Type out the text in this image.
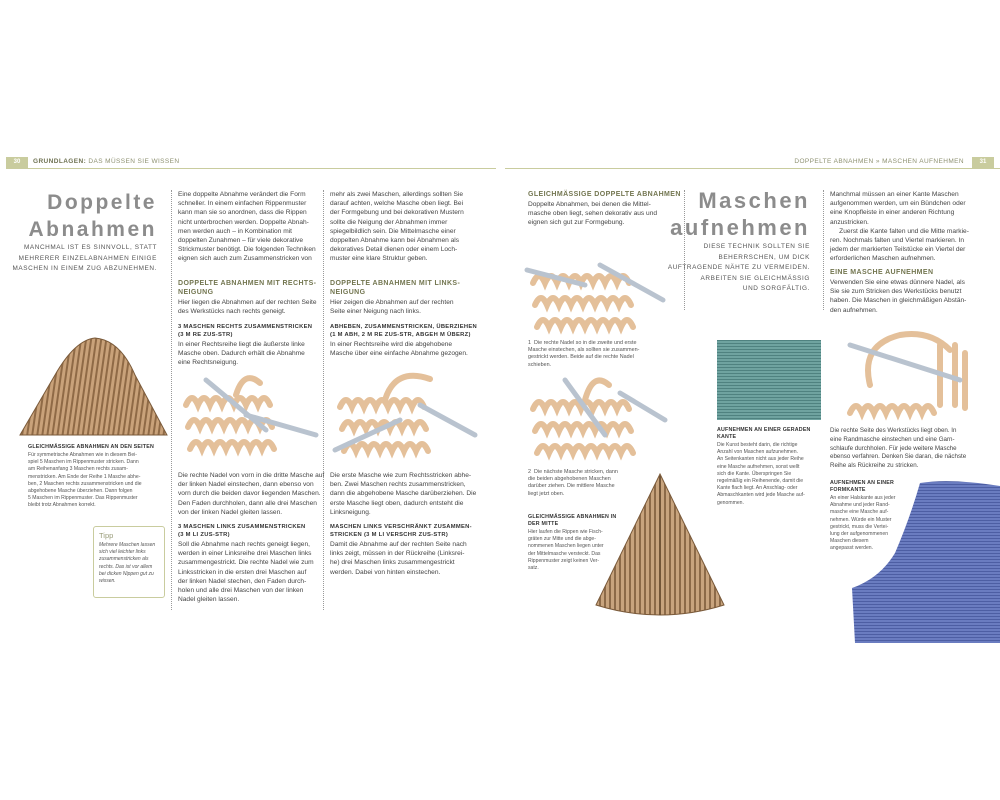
30	GRUNDLAGEN: DAS MÜSSEN SIE WISSEN	DOPPELTE ABNAHMEN » MASCHEN AUFNEHMEN	31
Doppelte
Abnahmen
MANCHMAL IST ES SINNVOLL, STATT
MEHRERER EINZELABNAHMEN EINIGE
MASCHEN IN EINEM ZUG ABZUNEHMEN.
Eine doppelte Abnahme verändert die Form
schneller. In einem einfachen Rippenmuster
kann man sie so anordnen, dass die Rippen
nicht unterbrochen werden. Doppelte Abnah-
men werden auch – in Kombination mit
doppelten Zunahmen – für viele dekorative
Strickmuster benötigt. Die folgenden Techniken
eignen sich auch zum Zusammenstricken von
mehr als zwei Maschen, allerdings sollten Sie
darauf achten, welche Masche oben liegt. Bei
der Formgebung und bei dekorativen Mustern
sollte die Neigung der Abnahmen immer
spiegelbildlich sein. Die Mittelmasche einer
doppelten Abnahme kann bei Abnahmen als
dekoratives Detail dienen oder einem Loch-
muster eine klare Struktur geben.
DOPPELTE ABNAHMEN MIT RECHTS-
NEIGUNG
Hier liegen die Abnahmen auf der rechten Seite
des Werkstücks nach rechts geneigt.
3 MASCHEN RECHTS ZUSAMMENSTRICKEN
(3 M RE ZUS-STR)
In einer Rechtsreihe liegt die äußerste linke
Masche oben. Dadurch erhält die Abnahme
eine Rechtsneigung.
DOPPELTE ABNAHMEN MIT LINKS-
NEIGUNG
Hier zeigen die Abnahmen auf der rechten
Seite einer Neigung nach links.
ABHEBEN, ZUSAMMENSTRICKEN, ÜBERZIEHEN
(1 M ABH, 2 M RE ZUS-STR, ABGEH M ÜBERZ)
In einer Rechtsreihe wird die abgehobene
Masche über eine einfache Abnahme gezogen.
GLEICHMÄSSIGE ABNAHMEN AN DEN SEITEN
Für symmetrische Abnahmen wie in diesem Bei-
spiel 5 Maschen im Rippenmuster stricken. Dann
am Reihenanfang 3 Maschen rechts zusam-
menstricken. Am Ende der Reihe 1 Masche abhe-
ben, 2 Maschen rechts zusammenstricken und die
abgehobene Masche überziehen. Dann folgen
5 Maschen im Rippenmuster. Das Rippenmuster
bleibt trotz Abnahmen korrekt.
Tipp
Mehrere Maschen lassen
sich viel leichter links
zusammenstricken als
rechts. Das ist vor allem
bei dicken Nippen gut zu
wissen.
Die rechte Nadel von vorn in die dritte Masche auf
der linken Nadel einstechen, dann ebenso von
vorn durch die beiden davor liegenden Maschen.
Den Faden durchholen, dann alle drei Maschen
von der linken Nadel gleiten lassen.
Die erste Masche wie zum Rechtsstricken abhe-
ben. Zwei Maschen rechts zusammenstricken,
dann die abgehobene Masche darüberziehen. Die
erste Masche liegt oben, dadurch entsteht die
Linksneigung.
3 MASCHEN LINKS ZUSAMMENSTRICKEN
(3 M LI ZUS-STR)
Soll die Abnahme nach rechts geneigt liegen,
werden in einer Linksreihe drei Maschen links
zusammengestrickt. Die rechte Nadel wie zum
Linksstricken in die ersten drei Maschen auf
der linken Nadel stechen, den Faden durch-
holen und alle drei Maschen von der linken
Nadel gleiten lassen.
MASCHEN LINKS VERSCHRÄNKT ZUSAMMEN-
STRICKEN (3 M LI VERSCHR ZUS-STR)
Damit die Abnahme auf der rechten Seite nach
links zeigt, müssen in der Rückreihe (Linksrei-
he) drei Maschen links zusammengestrickt
werden. Dabei von hinten einstechen.
GLEICHMÄSSIGE DOPPELTE ABNAHMEN
Doppelte Abnahmen, bei denen die Mittel-
masche oben liegt, sehen dekorativ aus und
eignen sich gut zur Formgebung.
1 Die rechte Nadel so in die zweite und erste
Masche einstechen, als sollten sie zusammen-
gestrickt werden. Beide auf die rechte Nadel
schieben.
2 Die nächste Masche stricken, dann
die beiden abgehobenen Maschen
darüber ziehen. Die mittlere Masche
liegt jetzt oben.
GLEICHMÄSSIGE ABNAHMEN IN
DER MITTE
Hier laufen die Rippen wie Fisch-
gräten zur Mitte und die abge-
nommenen Maschen liegen unter
der Mittelmasche versteckt. Das
Rippenmuster zeigt keinen Ver-
satz.
Maschen
aufnehmen
DIESE TECHNIK SOLLTEN SIE
BEHERRSCHEN, UM DICK
AUFTRAGENDE NÄHTE ZU VERMEIDEN.
ARBEITEN SIE GLEICHMÄSSIG
UND SORGFÄLTIG.
Manchmal müssen an einer Kante Maschen
aufgenommen werden, um ein Bündchen oder
eine Knopfleiste in einer anderen Richtung
anzustricken.
Zuerst die Kante falten und die Mitte markie-
ren. Nochmals falten und Viertel markieren. In
jedem der markierten Teilstücke ein Viertel der
erforderlichen Maschen aufnehmen.
EINE MASCHE AUFNEHMEN
Verwenden Sie eine etwas dünnere Nadel, als
Sie sie zum Stricken des Werkstücks benutzt
haben. Die Maschen in gleichmäßigen Abstän-
den aufnehmen.
AUFNEHMEN AN EINER GERADEN
KANTE
Die Kunst besteht darin, die richtige
Anzahl von Maschen aufzunehmen.
An Seitenkanten nicht aus jeder Reihe
eine Masche aufnehmen, sonst wellt
sich die Kante. Überspringen Sie
regelmäßig ein Reihenende, damit die
Kante flach liegt. An Anschlag- oder
Abmaschkanten wird jede Masche auf-
genommen.
Die rechte Seite des Werkstücks liegt oben. In
eine Randmasche einstechen und eine Garn-
schlaufe durchholen. Für jede weitere Masche
ebenso verfahren. Denken Sie daran, die nächste
Reihe als Rückreihe zu stricken.
AUFNEHMEN AN EINER
FORMKANTE
An einer Halskante aus jeder
Abnahme und jeder Rand-
masche eine Masche auf-
nehmen. Würde ein Muster
gestrickt, muss die Vertei-
lung der aufgenommenen
Maschen diesem
angepasst werden.
